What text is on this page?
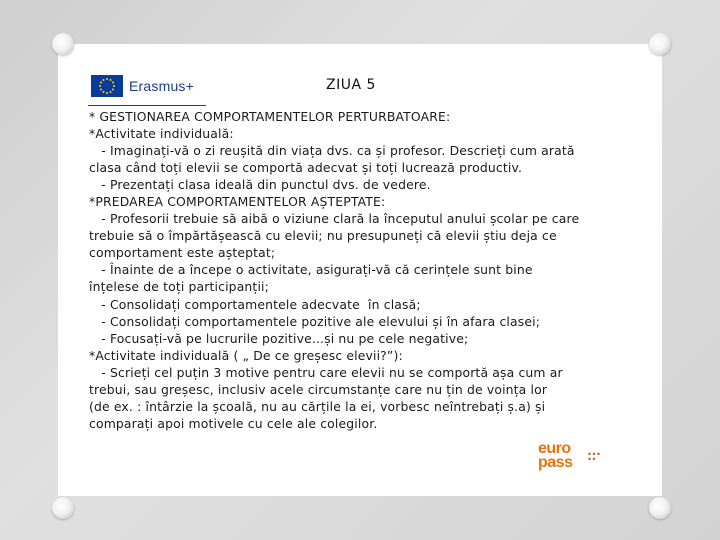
Erasmus+	ZIUA 5
* GESTIONAREA COMPORTAMENTELOR PERTURBATOARE:
*Activitate individuală:
- Imaginați-vă o zi reușită din viața dvs. ca și profesor. Descrieți cum arată
clasa când toți elevii se comportă adecvat și toți lucrează productiv.
- Prezentați clasa ideală din punctul dvs. de vedere.
*PREDAREA COMPORTAMENTELOR AȘTEPTATE:
- Profesorii trebuie să aibă o viziune clară la începutul anului școlar pe care
trebuie să o împărtășească cu elevii; nu presupuneți că elevii știu deja ce
comportament este așteptat;
- Înainte de a începe o activitate, asigurați-vă că cerințele sunt bine
înțelese de toți participanții;
- Consolidați comportamentele adecvate  în clasă;
- Consolidați comportamentele pozitive ale elevului și în afara clasei;
- Focusați-vă pe lucrurile pozitive...și nu pe cele negative;
*Activitate individuală ( „ De ce greșesc elevii?”):
- Scrieți cel puțin 3 motive pentru care elevii nu se comportă așa cum ar
trebui, sau greșesc, inclusiv acele circumstanțe care nu țin de voința lor
(de ex. : întârzie la școală, nu au cărțile la ei, vorbesc neîntrebați ș.a) și
comparați apoi motivele cu cele ale colegilor.
euro
pass	▪ ▪ ▪
▪ ▪
